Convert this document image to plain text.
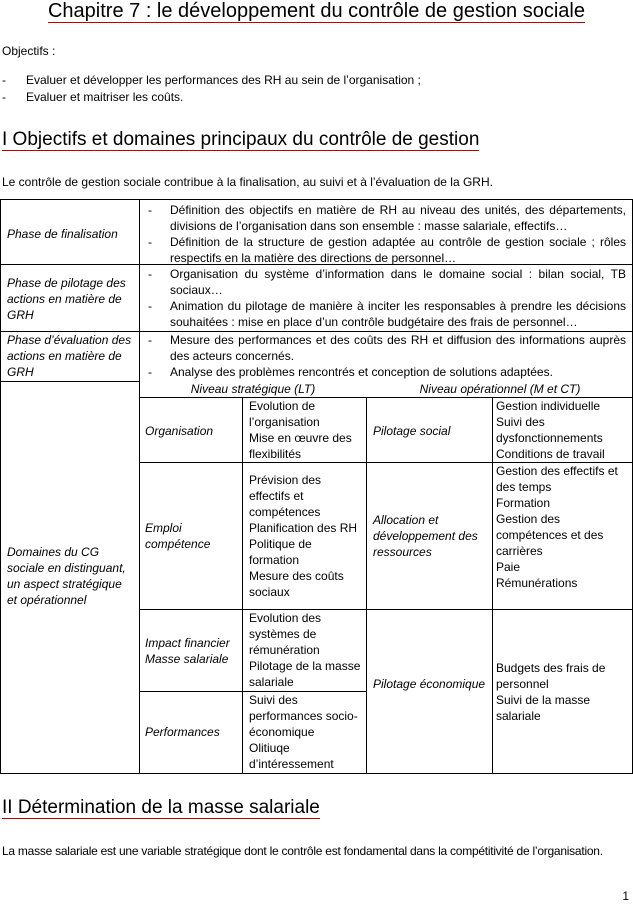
Chapitre 7 : le développement du contrôle de gestion sociale

Objectifs :

- Evaluer et développer les performances des RH au sein de l’organisation ;
- Evaluer et maitriser les coûts.
I Objectifs et domaines principaux du contrôle de gestion

Le contrôle de gestion sociale contribue à la finalisation, au suivi et à l’évaluation de la GRH.

Phase de finalisation
Phase de pilotage des actions en matière de GRH
Phase d’évaluation des actions en matière de GRH
- Définition des objectifs en matière de RH au niveau des unités, des départements, divisions de l’organisation dans son ensemble : masse salariale, effectifs…
- Définition de la structure de gestion adaptée au contrôle de gestion sociale ; rôles respectifs en la matière des directions de personnel…
- Organisation du système d’information dans le domaine social : bilan social, TB sociaux…
- Animation du pilotage de manière à inciter les responsables à prendre les décisions souhaitées : mise en place d’un contrôle budgétaire des frais de personnel…
- Mesure des performances et des coûts des RH et diffusion des informations auprès des acteurs concernés.
- Analyse des problèmes rencontrés et conception de solutions adaptées.
Niveau stratégique (LT)	Niveau opérationnel (M et CT)
Domaines du CG sociale en distinguant, un aspect stratégique et opérationnel
Organisation
Evolution de l’organisation
Mise en œuvre des flexibilités
Pilotage social
Gestion individuelle
Suivi des dysfonctionnements
Conditions de travail
Emploi compétence
Prévision des effectifs et compétences
Planification des RH
Politique de formation
Mesure des coûts sociaux
Allocation et développement des ressources
Gestion des effectifs et des temps
Formation
Gestion des compétences et des carrières
Paie
Rémunérations
Impact financier Masse salariale
Evolution des systèmes de rémunération
Pilotage de la masse salariale	Pilotage économique
Budgets des frais de personnel
Suivi de la masse salariale
Performances
Suivi des performances socio-économique
Olitiuqe d’intéressement
II Détermination de la masse salariale

La masse salariale est une variable stratégique dont le contrôle est fondamental dans la compétitivité de l’organisation.

1
